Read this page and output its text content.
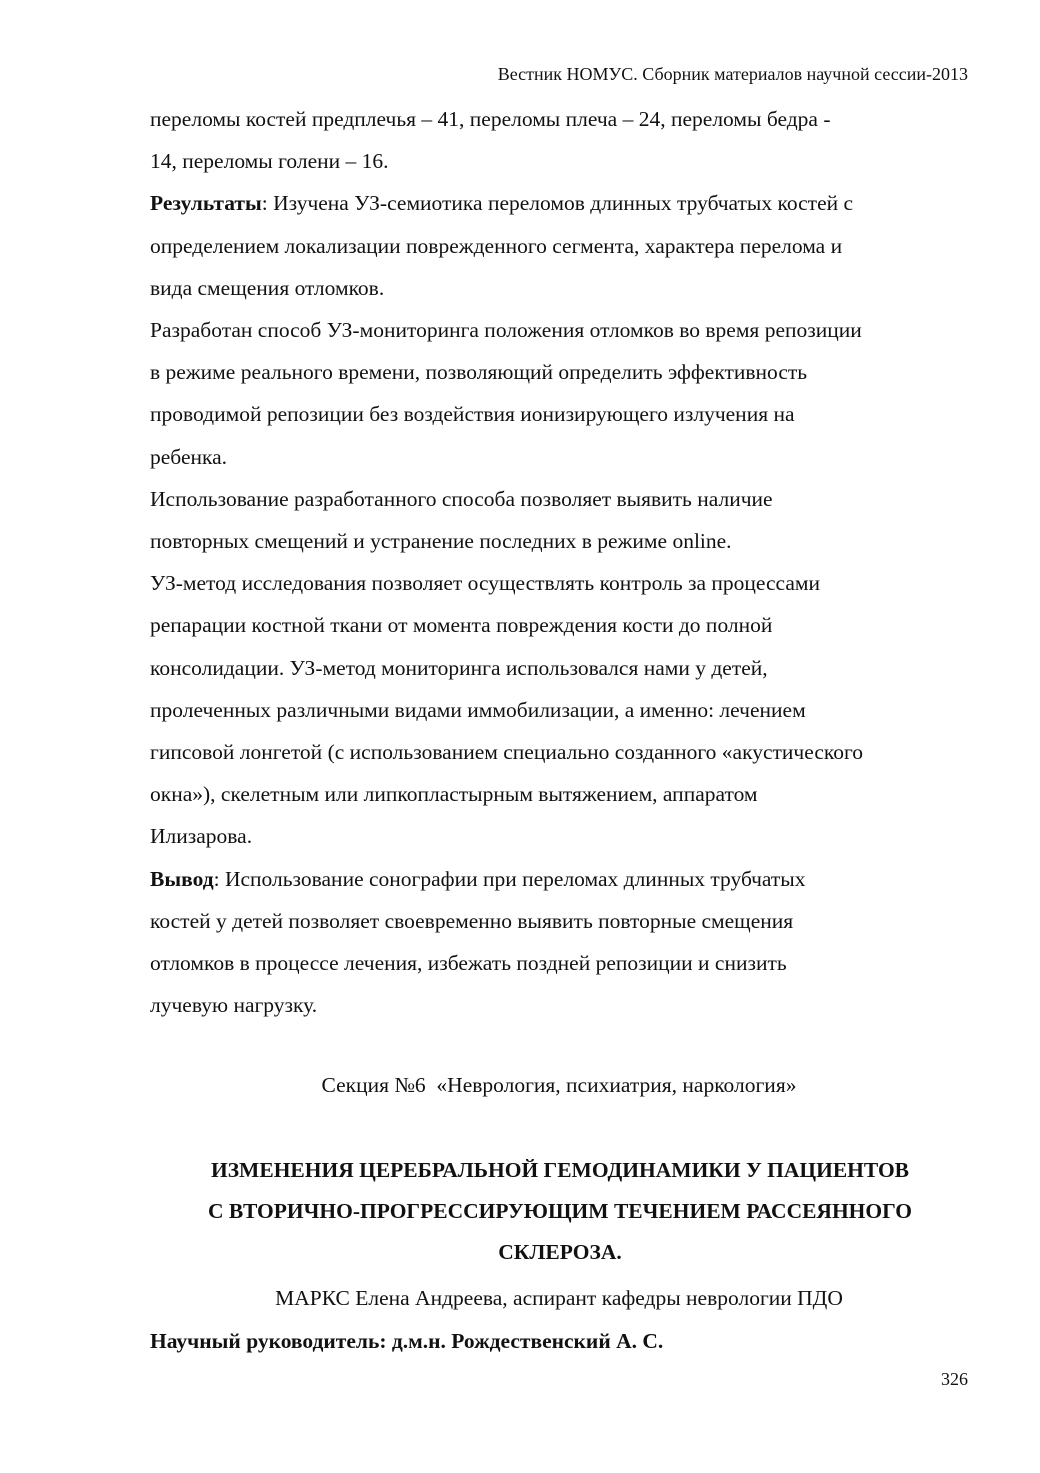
Вестник НОМУС. Сборник материалов научной сессии-2013

переломы костей предплечья – 41, переломы плеча – 24, переломы бедра -
14, переломы голени – 16.

Результаты: Изучена УЗ-семиотика переломов длинных трубчатых костей с
определением локализации поврежденного сегмента, характера перелома и
вида смещения отломков.

Разработан способ УЗ-мониторинга положения отломков во время репозиции
в режиме реального времени, позволяющий определить эффективность
проводимой репозиции без воздействия ионизирующего излучения на
ребенка.

Использование разработанного способа позволяет выявить наличие
повторных смещений и устранение последних в режиме online.

УЗ-метод исследования позволяет осуществлять контроль за процессами
репарации костной ткани от момента повреждения кости до полной
консолидации. УЗ-метод мониторинга использовался нами у детей,
пролеченных различными видами иммобилизации, а именно: лечением
гипсовой лонгетой (с использованием специально созданного «акустического
окна»), скелетным или липкопластырным вытяжением, аппаратом
Илизарова.

Вывод: Использование сонографии при переломах длинных трубчатых
костей у детей позволяет своевременно выявить повторные смещения
отломков в процессе лечения, избежать поздней репозиции и снизить
лучевую нагрузку.

Секция №6  «Неврология, психиатрия, наркология»
ИЗМЕНЕНИЯ ЦЕРЕБРАЛЬНОЙ ГЕМОДИНАМИКИ У ПАЦИЕНТОВ
С ВТОРИЧНО-ПРОГРЕССИРУЮЩИМ ТЕЧЕНИЕМ РАССЕЯННОГО
СКЛЕРОЗА.
МАРКС Елена Андреева, аспирант кафедры неврологии ПДО
Научный руководитель: д.м.н. Рождественский А. С.
326
